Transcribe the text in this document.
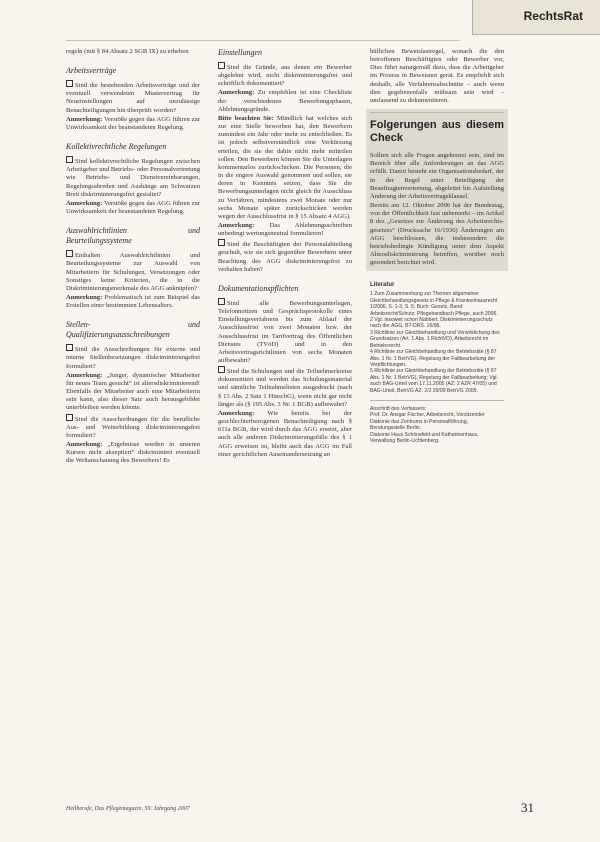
RechtsRat

regeln (mit § 84 Absatz 2 SGB IX) zu erheben

Arbeitsverträge

Sind die bestehenden Arbeitsverträge und der eventuell verwendeten Mustervertrag für Neueinstellungen auf unzulässige Benachteiligungen hin überprüft worden?

Anmerkung: Verstöße gegen das AGG führen zur Unwirksamkeit der beanstandeten Regelung.

Kollektivrechtliche Regelungen

Sind kollektivrechtliche Regelungen zwischen Arbeitgeber und Betriebs- oder Personalvertretung wie Betriebs- und Dienstvereinbarungen, Regelungsabreden und Aushänge am Schwarzen Brett diskriminierungsfrei gestaltet?

Anmerkung: Verstöße gegen das AGG führen zur Unwirksamkeit der beanstandeten Regelung.

Auswahlrichtlinien und Beurteilungssysteme

Enthalten Auswahlrichtlinien und Beurteilungssysteme zur Auswahl von Mitarbeitern für Schulungen, Versetzungen oder Sonstiges keine Kriterien, die in die Diskriminierungsmerkmale des AGG anknüpfen?

Anmerkung: Problematisch ist zum Beispiel das Erstellen einer bestimmten Lebensalters.

Stellen- und Qualifizierungsausschreibungen

Sind die Ausschreibungen für externe und interne Stellenbesetzungen diskriminierungsfrei formuliert?

Anmerkung: „Junger, dynamischer Mitarbeiter für neues Team gesucht“ ist altersdiskriminierend! Ebenfalls der Mitarbeiter auch eine Mitarbeiterin sein kann, also dieser Satz auch herausgebildet unterbleiben werden könnte.

Sind die Ausschreibungen für die berufliche Aus- und Weiterbildung diskriminierungsfrei formuliert?

Anmerkung: „Ergebnisse werden in unseren Kursen nicht akzeptiert“ diskriminiert eventuell die Weltanschauung des Bewerbers! Es

Einstellungen

Sind die Gründe, aus denen ein Bewerber abgelehnt wird, nicht diskriminierungsfrei und schriftlich dokumentiert?

Anmerkung: Zu empfehlen ist eine Checkliste der verschiedenen Bewerbungsphasen, Ablehnungsgründe.

Bitte beachten Sie: Mündlich hat welches sich zur eine Stelle beworben hat, den Bewerbern zumindest ein Jahr oder mehr zu entschließen. Es ist jedoch selbstverständlich eine Verkürzung erteilen, die sie der dahin nicht mehr mitteilen sollen. Den Bewerbern können Sie die Unterlagen kommentarlos zurückschicken. Die Personen, die in die engere Auswahl genommen und sollen, sie deren in Kenntnis setzen, dass Sie die Bewerbungsunterlagen nicht gleich ihr Ausschluss zu Verfahren, mindestens zwei Monate oder nur sechs Monate später zurückschicken werden wegen der Ausschlussfrist in § 15 Absatz 4 AGG).

Anmerkung: Das Ablehnungsschreiben unbedingt wertungsneutral formulieren!

Sind die Beschäftigten der Personalabteilung geschult, wie sie sich gegenüber Bewerbern unter Beachtung des AGG diskriminierungsfrei zu verhalten haben?

Dokumentationspflichten

Sind alle Bewerbungsunterlagen, Telefonnotizen und Gesprächsprotokolle eines Einstellungsverfahrens bis zum Ablauf der Ausschlussfrist von zwei Monaten bzw. der Ausschlussfrist im Tarifvertrag des Öffentlichen Dienstes (TVöD) und in den Arbeitsvertragsrichtlinien von sechs Monaten aufbewahrt?

Sind die Schulungen und die Teilnehmerkreise dokumentiert und werden das Schulungsmaterial und sämtliche Teilnahmelisten ausgedruckt (nach § 13 Abs. 2 Satz 1 HinschG), wenn nicht gar nicht länger als (§ 195 Abs. 3 Nr. 1 BGB) aufbewahrt?

Anmerkung: Wie bereits bei der geschlechterbezogenen Benachteiligung nach § 611a BGB, der wird durch das AGG ersetzt, aber auch alle anderen Diskriminierungsfälle des § 1 AGG erweisen ist, bleibt auch das AGG im Fall einer gerichtlichen Auseinandersetzung an

hüllichen Beweislastregel, wonach die den betroffenen Beschäftigten oder Bewerber vor, Dies führt naturgemäß dazu, dass die Arbeitgeber im Prozess in Beweisnot gerät. Es empfiehlt sich deshalb, alle Verfahrensabschnitte – auch wenn dies gegebenenfalls mühsam sein wird – umfassend zu dokumentieren.

Folgerungen aus diesem Check

Sollten sich alle Fragen angekreuzt sein, sind im Bereich über alle Anforderungen an das AGG erfüllt. Damit besteht ein Organisationsbedarf, der in der Regel unter Beteiligung der Beauftragtenvertretung, abgeleitet bis Aufstellung Änderung der Arbeitsvertragsklausel.

Bereits am 12. Oktober 2006 hat der Bundestag, von der Öffentlichkeit fast unbemerkt – im Artikel 8 des „Gesetzes zur Änderung des Arbeitsrechts-gesetzes“ (Drucksache 16/1936) Änderungen am AGG beschlossen, die insbesondere die betriebsbedingte Kündigung unter dem Aspekt Altersdiskriminierung betreffen, worüber noch gesondert berichtet wird.

Literatur
1 Zum Zusammenhang zur Themen allgemeiner Gleichbehandlungsgesetz in Pflege & Krankenhausrecht 1/2006, S. 1-3, S. 5; Buch: Gesetz, Band: Arbeitsrecht/Schutz; Pflegehandbuch Pflege, auch 2006.
2 Vgl. insoweit schon Nabbert, Diskriminierungsschutz nach der AGG, BT-DRS. 16/96.
3 Richtlinie zur Gleichbehandlung und Verwirklichung des Grundsatzes (Art. 1 Abs. 1 RichtVO), Arbeitsrecht im Betriebsrecht.
4 Richtlinie zur Gleichbehandlung der Betriebsräte (§ 87 Abs. 1 Nr. 1 BetrVG), Regelung der Fallbearbeitung der Verpflichtungen.
5 Richtlinie zur Gleichbehandlung der Betriebsräte (§ 87 Abs. 1 Nr. 1 BetrVG), Regelung der Fallbearbeitung; Vgl. auch BAG-Urteil vom 17.11.2005 (AZ: 2 AZR 47/05) und BAG-Urteil, BetrVG AZ: 2/2 29/09 BetrVG 2005.
Anschrift des Verfassers:
Prof. Dr. Ansgar Fischer, Arbeitsrecht, Vorsitzender Diakonie des Zentrums in Personalführung, Beratungsstelle Berlin.
Diakonie Haus Schönefeld und Katharinenhaus, Verwaltung Berlin-Lichtenberg.
Heilberufe, Das Pflegemagazin, 59. Jahrgang 2007	31
